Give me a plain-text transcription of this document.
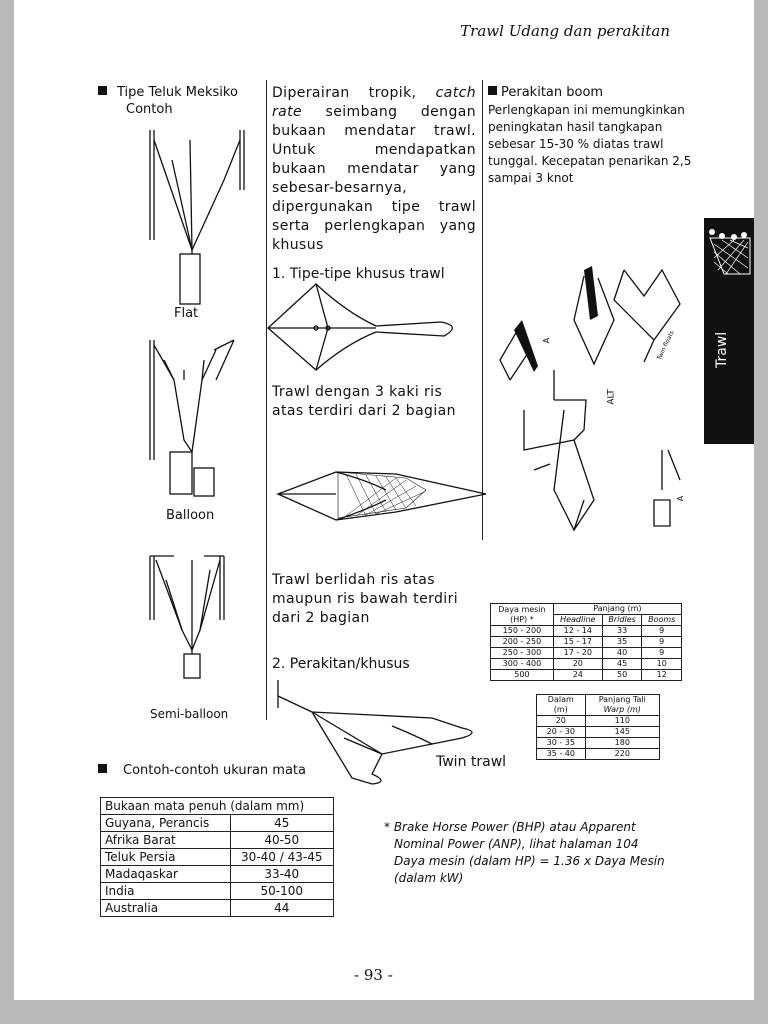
Trawl Udang dan perakitan
Trawl
Tipe Teluk Meksiko
Contoh
Flat
Balloon
Semi-balloon
Diperairan tropik, catch rate seimbang dengan bukaan mendatar trawl. Untuk mendapatkan bukaan mendatar yang sebesar-besarnya, dipergunakan tipe trawl serta perlengkapan yang khusus
1. Tipe-tipe khusus trawl
Trawl dengan 3 kaki ris atas terdiri dari 2 bagian
Trawl berlidah ris atas maupun ris bawah terdiri dari 2 bagian
2. Perakitan/khusus
Twin trawl
Perakitan boom
Perlengkapan ini memungkinkan peningkatan hasil tangkapan sebesar 15-30 % diatas trawl tunggal. Kecepatan penarikan 2,5 sampai 3 knot
A
ALT
Twin floats
A
Daya mesin
(HP) *	Panjang (m)		
	Headline	Bridles	Booms
150 - 200	12 - 14	33	9
200 - 250	15 - 17	35	9
250 - 300	17 - 20	40	9
300 - 400	20	45	10
500	24	50	12
Dalam
(m)	Panjang Tali
Warp (m)
20	110
20 - 30	145
30 - 35	180
35 - 40	220
Contoh-contoh ukuran mata
Bukaan mata penuh (dalam mm)	
Guyana, Perancis	45
Afrika Barat	40-50
Teluk Persia	30-40 / 43-45
Madaqaskar	33-40
India	50-100
Australia	44
* Brake Horse Power (BHP) atau Apparent
Nominal Power (ANP), lihat halaman 104
Daya mesin (dalam HP) = 1.36 x Daya Mesin
(dalam kW)
- 93 -
